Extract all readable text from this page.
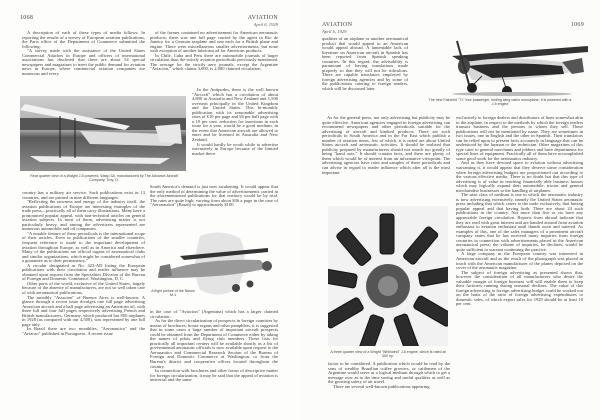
1068	AVIATION
April 6, 1929

A description of each of these types of media follows: In reporting the results of a survey of European aviation publications, the Paris office of the Department of Commerce submitted the following:

"A survey made with the assistance of the United States Commercial Attaches in Europe and officers of international associations has disclosed that there are about 54 special newspapers and magazines to meet the public demand for aviation news in Europe, where commercial aviation companies are numerous and every

of the former contained no advertisement for American aeronautic products; there was one full page carried by the agent in Rio de Janeiro for a German seaplane and one each for a British plane and engine. There were miscellaneous smaller advertisements, but none with exception of another lubricant ad for American products.

In Chile, Cuba and Peru there are automobile journals of larger circulation than the strictly aviation periodicals previously mentioned. The average for the strictly aero journals, except the Argentine "Aviacion," which claims 3,000, is 2,000 claimed circulation.

In the Antipodes, there is the well known "Aircraft" which has a circulation of about 4,800 in Australia and New Zealand and 1,500 overseas principally in the United Kingdom and the United States. This bi-monthly publication with its reasonable advertising rates of £10 per page and £6 per half page with a 10 per cent. reduction for insertions in each issue for a year, would be a good medium, in the event that American aircraft are allowed to enter and be licensed in Australia and New Zealand.

It would hardly be worth while to advertise extensively in Europe because of the limited market there.

South America's demand is just now awakening. It would appear that the only method of determining the value of advertisements carried in the aforementioned publications for that territory would be by trial. The rates are quite high, varying from about $36 a page in the case of "Aeronautica" (Brazil) to approximately $100

Rear quarter view of a Waight J-5 powered, Wasp 3A, manufactured by The Advance Aircraft Company, Troy, O.

country has a military air service. Such publications exist in 13 countries, and are printed in nine different languages.

"Reflecting the newness and energy of the industry itself, the aviation publications of Europe are interesting examples of the trade press—practically all of them carry illustrations. Many have a pronounced popular appeal, with non-technical articles on general aviation subjects. In most of them, advertising matter is not particularly heavy, and among the advertisers represented are numerous automobile and oil companies.

"A notable feature of these periodicals is the international scope of their articles. Even in publications of the smaller countries, frequent reference is made to the important development of aviation throughout Europe, as well as in America and elsewhere. Many of the publications are official organs of aeronautical clubs and similar organizations, which might be considered somewhat of a guarantee as to their permanency."

A circular designated as No. 423-AD listing the European publications with their circulation and reader influence may be obtained upon request from the Specialties Division of the Bureau of Foreign and Domestic Commerce, Washington, D. C.

Other parts of the world, exclusive of the United States, largely because of the absence of manufacturers, are not so well taken care of with aeronautical publications.

The monthly "Aviacion" of Buenos Aires is well-known. A glance through a recent issue divulges one full page advertising American aircraft and a half page advertising an American oil, with three full and four full pages respectively advertising French and British manufacturers. Germany, which produced but 850 airplanes in 1928 (as compared with our 4,500), was represented by one full page only.

In Brazil there are two monthlies, "Aeronautica" and the "Aviacao" published in Portuguese. A recent issue

A flight picture of the Nieuw M-1

in the case of "Aviacion" (Argentina) which has a larger claimed circulation.

As for the direct circularization of prospects in foreign countries by means of brochures, house organs and other pamphlets, it is suggested that in some cases a large number of important aircraft prospects could be obtained from the Department of Commerce either by taking the names of pilots and flying club members. These lists for practically all important centers will be available shortly as a list of governmental aeronautic officials is now available upon request to the Aeronautics and Commercial Research Section of the Bureau of Foreign and Domestic Commerce at Washington, or from the Bureau's district and cooperative offices located throughout the country.

In connection with brochures and other forms of descriptive matter for foreign circularization, it may be said that the appeal of aviation is universal and the same

AVIATION
April 6, 1929
1069

qualities of an airplane or another aeronautical product that would appeal to an American would appeal abroad. A lamentable lack of literature on American aircraft in Spanish has been reported from Spanish speaking countries. In this regard, the advisability is paramount of having translations made properly so that they will not be ridiculous. There are capable translators employed by foreign advertising agencies and by some of the publications catering to foreign readers, which will be discussed later.

The new Fairchild "71" four passenger, folding wing cabin monoplane. It is powered with a J-5 engine

As for the general press, not only advertising but publicity may be quite effective. American agencies engaged in foreign advertising can recommend newspapers and other periodicals suitable for the advertising of aircraft and kindred products. There are such periodicals in South America and in the Far East which publish a number of aviation items, few of which, it is noted are about United States aircraft and aeronautic activities. It should be realized that publicity prepared by manufacturers should not smack too greatly of being "hand outs." It should contain facts, and there are plenty of them which would be of interest from an informative viewpoint. The advertising agencies have rates and samples of these periodicals and can advise in regard to reader influence which after all is the most important

exclusively to foreign dealers and distributors of lines somewhat akin to the airplane, in respect to the methods by which the foreign readers transact business and the persons to whom they sell. These publications will not be mentioned by name. They are sometimes in two issues, one in English and the other in Spanish. Their translators can be relied upon to present facts accurately in language that can be understood by the layman or the technician. Other magazines of this type cater to general merchants and jobbers and have departments for special lines of equipment. Practically all of them have accomplished some good work for the aeronautics industry.

And as they have devoted space to aviation without advertising warranting it, it would appear that they deserve some consideration when foreign advertising budgets are proportioned out according to the various effective media. There is no doubt but that this type of advertising is of value in reaching financially able business houses which may logically expand their automobile, tractor and general merchandise businesses to the handling of airplanes.

The next class of medium is one in which the aeronautic industry is now advertising extensively, namely the United States aeronautic press including that which caters to the trade exclusively, that having popular appeal and that having both. There are about 24 such publications in the country. Not more than five or six have any appreciable foreign circulation. Reports from abroad indicate that they are read with great interest and are handed around from aviation enthusiast to aviation enthusiast until thumb worn and tattered. As examples of this, one of the sales managers of a prominent aircraft company states that he has received many inquiries from foreign countries in connection with advertisements placed in the American aeronautical press; the volume of inquiries, he declares, would be quite sufficient to warrant continuing the practice.

A large company in the European country was interested in American aircraft and as the result of the photograph was placed in touch with the American manufacturer of the planes depicted on the cover of the aeronautic magazine.

The subject of foreign advertising as presented shows that, however the consideration of all manufacturers who desire the valuable margin of foreign business will still enable them to keep their factories running during seasonal declines. The value of this foreign advertising to foreign advertising budget could be worked out on the basis of the ratio of foreign advertising expenditures to domestic sales, of which export sales for 1929 should be at least 10 per cent.

A three quarter view of a Wright "Whirlwind" J-6 engine, which is rated at 300 hp.

factor to be considered. A publication which would be read by the sons of wealthy Brazilian coffee growers, or cattlemen of the Argentine would serve as a logical medium through which to get a message over as to the time saving and useful qualities as well as the growing safety of air travel.

There are several well-known publications appearing
